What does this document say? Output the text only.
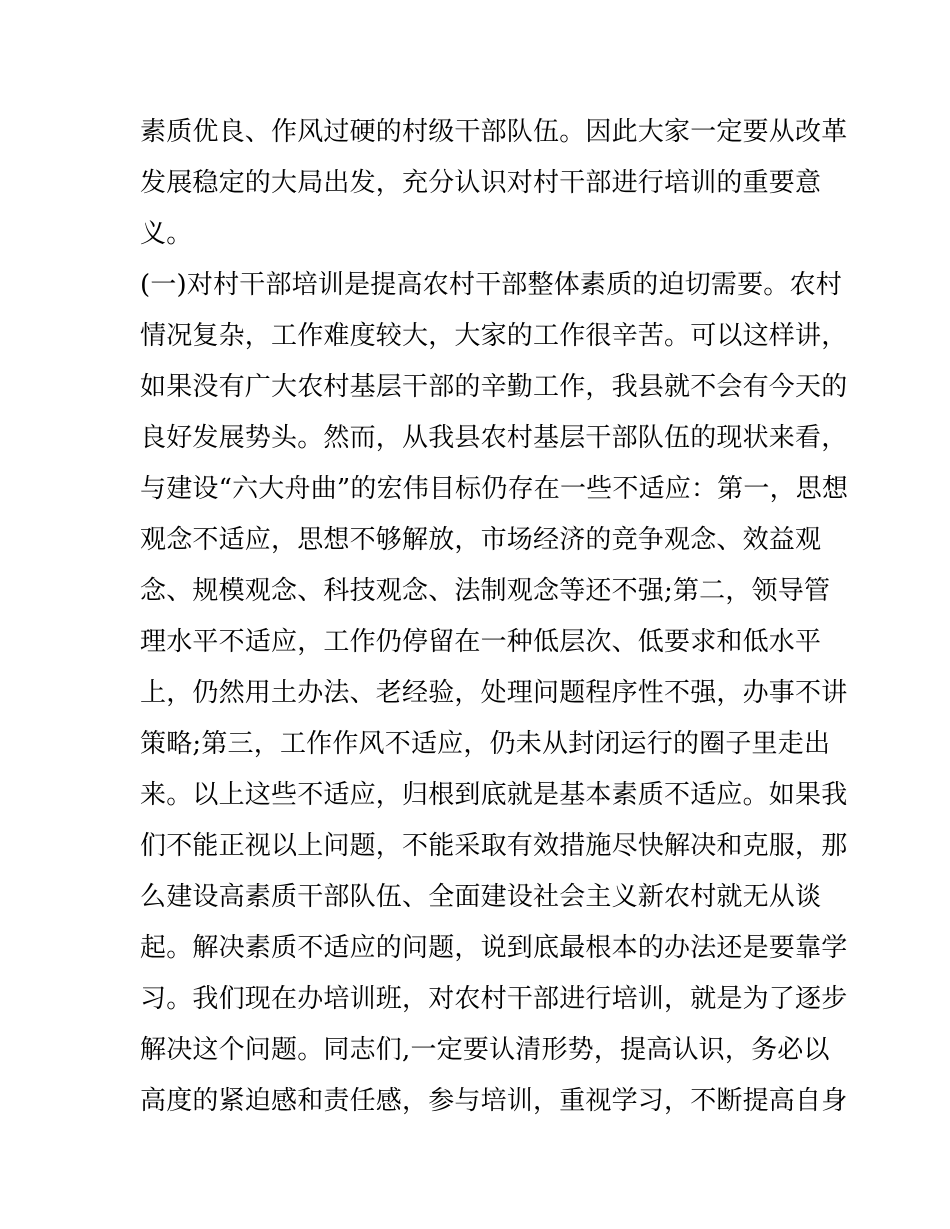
素质优良、作风过硬的村级干部队伍。因此大家一定要从改革
发展稳定的大局出发，充分认识对村干部进行培训的重要意
义。
(一)对村干部培训是提高农村干部整体素质的迫切需要。农村
情况复杂，工作难度较大，大家的工作很辛苦。可以这样讲，
如果没有广大农村基层干部的辛勤工作，我县就不会有今天的
良好发展势头。然而，从我县农村基层干部队伍的现状来看，
与建设“六大舟曲”的宏伟目标仍存在一些不适应：第一，思想
观念不适应，思想不够解放，市场经济的竞争观念、效益观
念、规模观念、科技观念、法制观念等还不强;第二，领导管
理水平不适应，工作仍停留在一种低层次、低要求和低水平
上，仍然用土办法、老经验，处理问题程序性不强，办事不讲
策略;第三，工作作风不适应，仍未从封闭运行的圈子里走出
来。以上这些不适应，归根到底就是基本素质不适应。如果我
们不能正视以上问题，不能采取有效措施尽快解决和克服，那
么建设高素质干部队伍、全面建设社会主义新农村就无从谈
起。解决素质不适应的问题，说到底最根本的办法还是要靠学
习。我们现在办培训班，对农村干部进行培训，就是为了逐步
解决这个问题。同志们,一定要认清形势，提高认识，务必以
高度的紧迫感和责任感，参与培训，重视学习，不断提高自身
